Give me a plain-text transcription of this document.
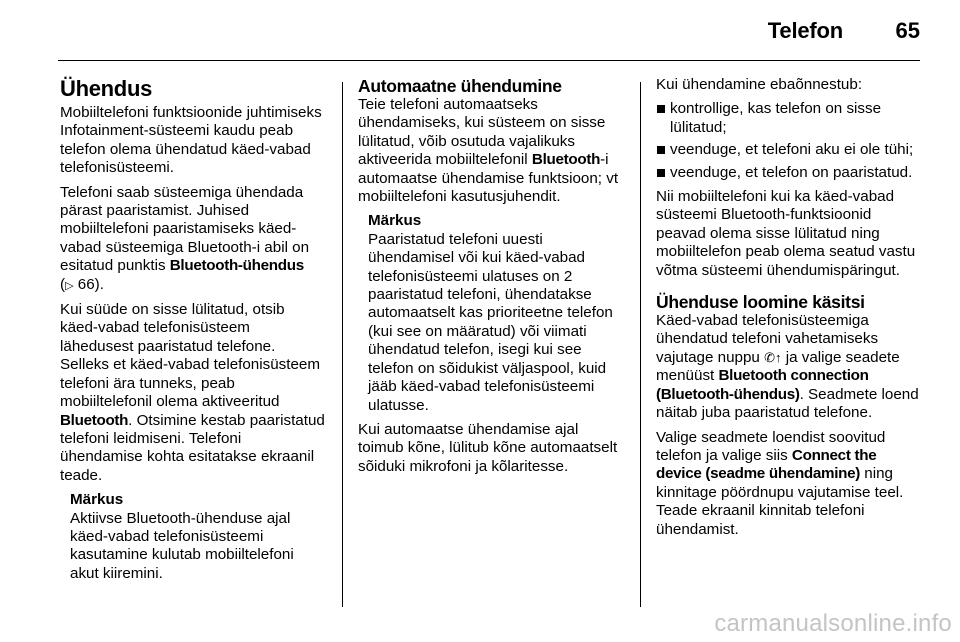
Telefon 65
Ühendus

Mobiiltelefoni funktsioonide juhtimiseks Infotainment-süsteemi kaudu peab telefon olema ühendatud käed-vabad telefonisüsteemi.

Telefoni saab süsteemiga ühendada pärast paaristamist. Juhised mobiiltelefoni paaristamiseks käed-vabad süsteemiga Bluetooth-i abil on esitatud punktis Bluetooth-ühendus
(▷ 66).

Kui süüde on sisse lülitatud, otsib käed-vabad telefonisüsteem lähedusest paaristatud telefone. Selleks et käed-vabad telefonisüsteem telefoni ära tunneks, peab mobiiltelefonil olema aktiveeritud Bluetooth. Otsimine kestab paaristatud telefoni leidmiseni. Telefoni ühendamise kohta esitatakse ekraanil teade.

Märkus
Aktiivse Bluetooth-ühenduse ajal käed-vabad telefonisüsteemi kasutamine kulutab mobiiltelefoni akut kiiremini.
Automaatne ühendumine

Teie telefoni automaatseks ühendamiseks, kui süsteem on sisse lülitatud, võib osutuda vajalikuks aktiveerida mobiiltelefonil Bluetooth-i automaatse ühendamise funktsioon; vt mobiiltelefoni kasutusjuhendit.

Märkus
Paaristatud telefoni uuesti ühendamisel või kui käed-vabad telefonisüsteemi ulatuses on 2 paaristatud telefoni, ühendatakse automaatselt kas prioriteetne telefon (kui see on määratud) või viimati ühendatud telefon, isegi kui see telefon on sõidukist väljaspool, kuid jääb käed-vabad telefonisüsteemi ulatusse.

Kui automaatse ühendamise ajal toimub kõne, lülitub kõne automaatselt sõiduki mikrofoni ja kõlaritesse.

Kui ühendamine ebaõnnestub:

kontrollige, kas telefon on sisse lülitatud;
veenduge, et telefoni aku ei ole tühi;
veenduge, et telefon on paaristatud.

Nii mobiiltelefoni kui ka käed-vabad süsteemi Bluetooth-funktsioonid peavad olema sisse lülitatud ning mobiiltelefon peab olema seatud vastu võtma süsteemi ühendumispäringut.

Ühenduse loomine käsitsi

Käed-vabad telefonisüsteemiga ühendatud telefoni vahetamiseks vajutage nuppu ✆↑ ja valige seadete menüüst Bluetooth connection (Bluetooth-ühendus). Seadmete loend näitab juba paaristatud telefone.

Valige seadmete loendist soovitud telefon ja valige siis Connect the device (seadme ühendamine) ning kinnitage pöördnupu vajutamise teel. Teade ekraanil kinnitab telefoni ühendamist.

carmanualsonline.info
